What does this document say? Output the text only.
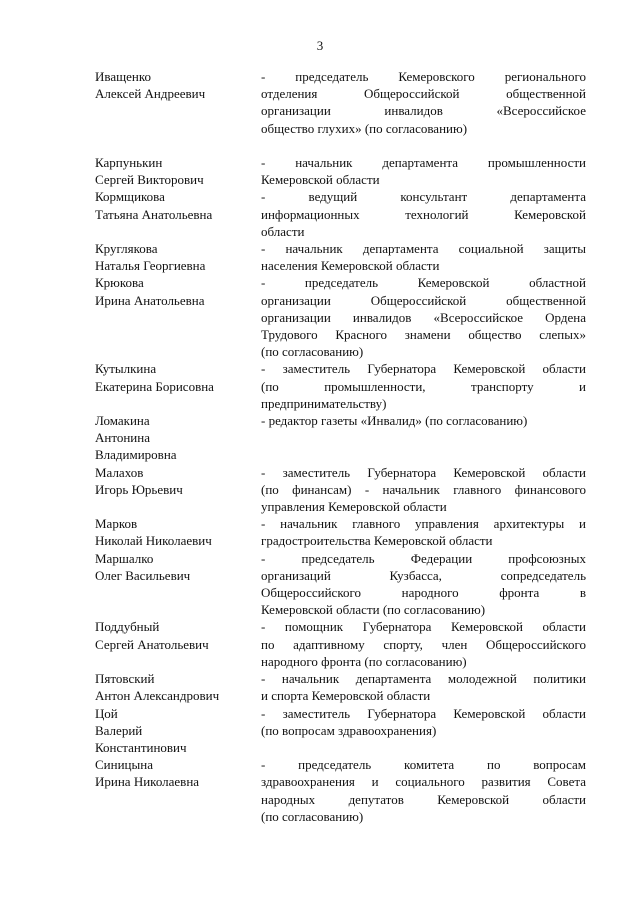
3
Иващенко
Алексей Андреевич
- председатель Кемеровского регионального
отделения Общероссийской общественной
организации инвалидов «Всероссийское
общество глухих» (по согласованию)
Карпунькин
Сергей Викторович
- начальник департамента промышленности
Кемеровской области
Кормщикова
Татьяна Анатольевна
- ведущий консультант департамента
информационных технологий Кемеровской
области
Круглякова
Наталья Георгиевна
- начальник департамента социальной защиты
населения Кемеровской области
Крюкова
Ирина Анатольевна
- председатель Кемеровской областной
организации Общероссийской общественной
организации инвалидов «Всероссийское Ордена
Трудового Красного знамени общество слепых»
(по согласованию)
Кутылкина
Екатерина Борисовна
- заместитель Губернатора Кемеровской области
(по промышленности, транспорту и
предпринимательству)
Ломакина
Антонина
Владимировна
- редактор газеты «Инвалид» (по согласованию)
Малахов
Игорь Юрьевич
- заместитель Губернатора Кемеровской области
(по финансам) - начальник главного финансового
управления Кемеровской области
Марков
Николай Николаевич
- начальник главного управления архитектуры и
градостроительства Кемеровской области
Маршалко
Олег Васильевич
- председатель Федерации профсоюзных
организаций Кузбасса, сопредседатель
Общероссийского народного фронта в
Кемеровской области (по согласованию)
Поддубный
Сергей Анатольевич
- помощник Губернатора Кемеровской области
по адаптивному спорту, член Общероссийского
народного фронта (по согласованию)
Пятовский
Антон Александрович
- начальник департамента молодежной политики
и спорта Кемеровской области
Цой
Валерий
Константинович
- заместитель Губернатора Кемеровской области
(по вопросам здравоохранения)
Синицына
Ирина Николаевна
- председатель комитета по вопросам
здравоохранения и социального развития Совета
народных депутатов Кемеровской области
(по согласованию)
